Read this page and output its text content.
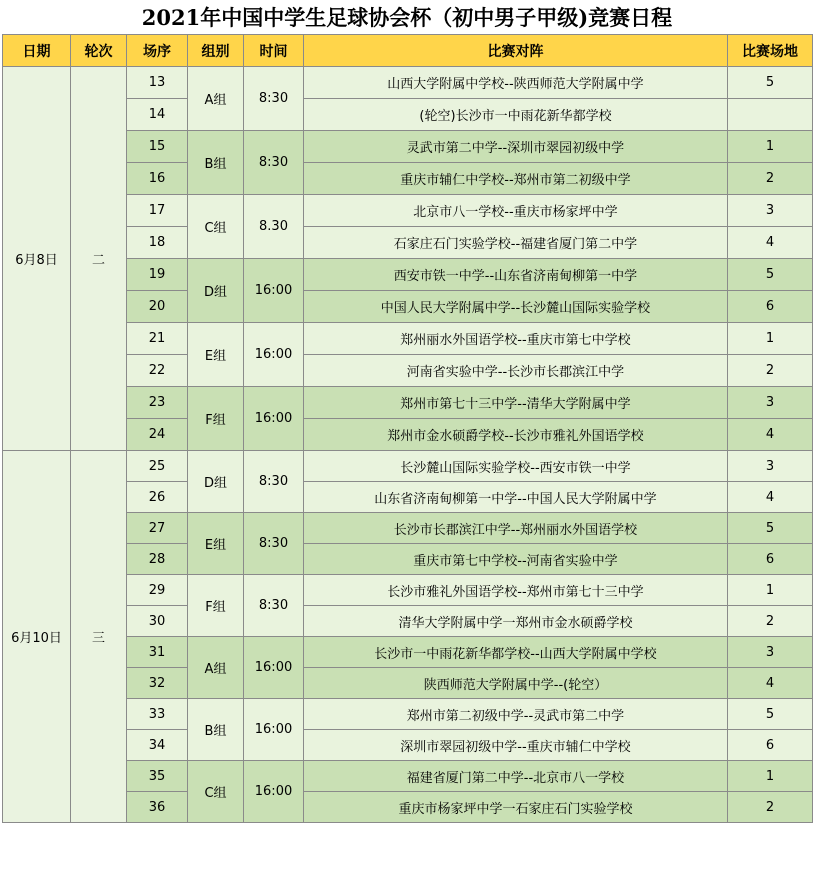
2021年中国中学生足球协会杯（初中男子甲级)竞赛日程
日期	轮次	场序	组别	时间	比赛对阵	比赛场地
6月8日	二	13	A组	8:30	山西大学附属中学校--陕西师范大学附属中学	5
		14			(轮空)长沙市一中雨花新华都学校	
		15	B组	8:30	灵武市第二中学--深圳市翠园初级中学	1
		16			重庆市辅仁中学校--郑州市第二初级中学	2
		17	C组	8.30	北京市八一学校--重庆市杨家坪中学	3
		18			石家庄石门实验学校--福建省厦门第二中学	4
		19	D组	16:00	西安市铁一中学--山东省济南甸柳第一中学	5
		20			中国人民大学附属中学--长沙麓山国际实验学校	6
		21	E组	16:00	郑州丽水外国语学校--重庆市第七中学校	1
		22			河南省实验中学--长沙市长郡滨江中学	2
		23	F组	16:00	郑州市第七十三中学--清华大学附属中学	3
		24			郑州市金水硕爵学校--长沙市雅礼外国语学校	4
6月10日	三	25	D组	8:30	长沙麓山国际实验学校--西安市铁一中学	3
		26			山东省济南甸柳第一中学--中国人民大学附属中学	4
		27	E组	8:30	长沙市长郡滨江中学--郑州丽水外国语学校	5
		28			重庆市第七中学校--河南省实验中学	6
		29	F组	8:30	长沙市雅礼外国语学校--郑州市第七十三中学	1
		30			清华大学附属中学一郑州市金水硕爵学校	2
		31	A组	16:00	长沙市一中雨花新华都学校--山西大学附属中学校	3
		32			陕西师范大学附属中学--(轮空）	4
		33	B组	16:00	郑州市第二初级中学--灵武市第二中学	5
		34			深圳市翠园初级中学--重庆市辅仁中学校	6
		35	C组	16:00	福建省厦门第二中学--北京市八一学校	1
		36			重庆市杨家坪中学一石家庄石门实验学校	2
